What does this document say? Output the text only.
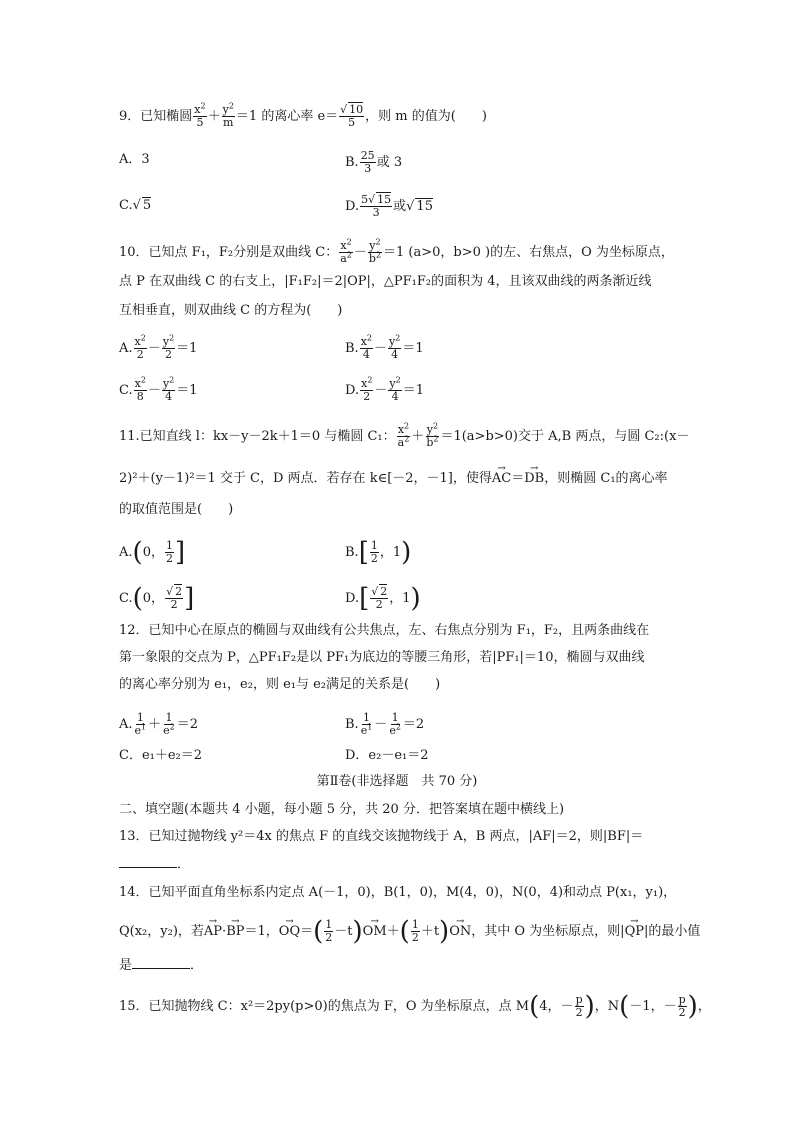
9．已知椭圆 $\frac{x^2}{5} + \frac{y^2}{m} =1$ 的离心率 $e= \frac{√ 10}{5}$ ，则 m 的值为(　　)
A．3	B. $\frac{25}{3}$ 或 3
C.√ 5	D. $\frac{5√ 15}{3}$ 或√ 15
10．已知点 F₁，F₂分别是双曲线 C： $\frac{x^2}{a^2} - \frac{y^2}{b^2} =1$ (a>0，b>0 )的左、右焦点，O 为坐标原点，
点 P 在双曲线 C 的右支上，|F₁F₂|＝2|OP|，△PF₁F₂的面积为 4，且该双曲线的两条渐近线
互相垂直，则双曲线 C 的方程为(　　)
A. $\frac{x^2}{2} - \frac{y^2}{2} =1$	B. $\frac{x^2}{4} - \frac{y^2}{4} =1$
C. $\frac{x^2}{8} - \frac{y^2}{4} =1$	D. $\frac{x^2}{2} - \frac{y^2}{4} =1$
11.已知直线 l：kx－y－2k＋1＝0 与椭圆 C₁： $\frac{x^2}{a^2} + \frac{y^2}{b^2} =1(a>b>0)$交于 A,B 两点，与圆 C₂:(x－
2)²＋(y－1)²＝1 交于 C，D 两点．若存在 k∈[－2，－1]，使得→ AC＝→ DB，则椭圆 C₁的离心率
的取值范围是(　　)
A.(0， $\frac{1}{2}$ ]	$B.[ \frac{1}{2}$ ，1)
C.(0， $\frac{√ 2}{2}$ ]	$D.[ \frac{√ 2}{2}$ ，1)
12．已知中心在原点的椭圆与双曲线有公共焦点，左、右焦点分别为 F₁，F₂，且两条曲线在
第一象限的交点为 P，△PF₁F₂是以 PF₁为底边的等腰三角形，若|PF₁|＝10，椭圆与双曲线
的离心率分别为 e₁，e₂，则 e₁与 e₂满足的关系是(　　)
A. $\frac{1}{e^1} + \frac{1}{e^2} =2$	B. $\frac{1}{e^1} - \frac{1}{e^2} =2$
C．e₁＋e₂＝2	D．e₂－e₁＝2
第Ⅱ卷(非选择题　共 70 分)
二、填空题(本题共 4 小题，每小题 5 分，共 20 分．把答案填在题中横线上)
13．已知过抛物线 y²＝4x 的焦点 F 的直线交该抛物线于 A，B 两点，|AF|＝2，则|BF|＝
．
14．已知平面直角坐标系内定点 A(－1，0)，B(1，0)，M(4，0)，N(0，4)和动点 P(x₁，y₁)，
Q(x₂，y₂)，若→ AP·→ BP＝1，→ $OQ=( \frac{1}{2} -t)\to OM+( \frac{1}{2} +t)\to$ ON，其中 O 为坐标原点，则|→ QP|的最小值
是	．
15．已知抛物线 C：x²＝2py(p>0)的焦点为 F，O 为坐标原点，点 M(4，－ $\frac{p}{2}$ )，N(－1，－ $\frac{p}{2}$ )，
